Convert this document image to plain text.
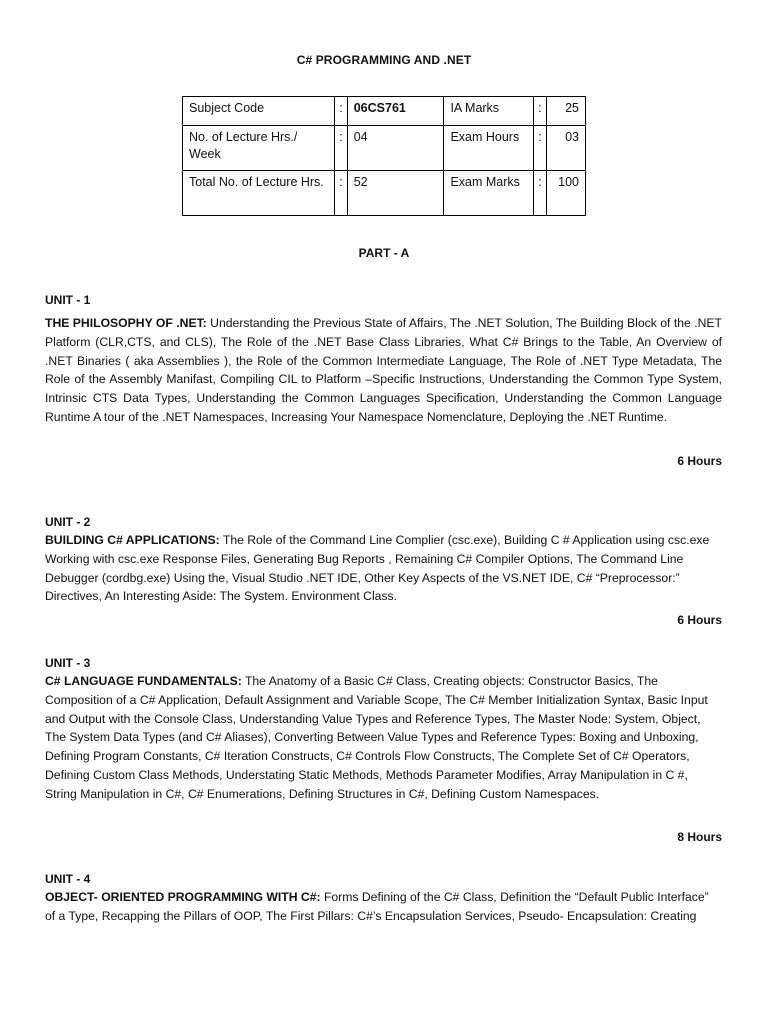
C# PROGRAMMING AND .NET
Subject Code	:	06CS761	IA Marks	:	25
No. of Lecture Hrs./ Week	:	04	Exam Hours	:	03
Total No. of Lecture Hrs.	:	52	Exam Marks	:	100
PART - A
UNIT - 1
THE PHILOSOPHY OF .NET: Understanding the Previous State of Affairs, The .NET Solution, The Building Block of the .NET Platform (CLR,CTS, and CLS), The Role of the .NET Base Class Libraries, What C# Brings to the Table, An Overview of .NET Binaries ( aka Assemblies ), the Role of the Common Intermediate Language, The Role of .NET Type Metadata, The Role of the Assembly Manifast, Compiling CIL to Platform –Specific Instructions, Understanding the Common Type System, Intrinsic CTS Data Types, Understanding the Common Languages Specification, Understanding the Common Language Runtime A tour of the .NET Namespaces, Increasing Your Namespace Nomenclature, Deploying the .NET Runtime.
6 Hours
UNIT - 2
BUILDING C# APPLICATIONS: The Role of the Command Line Complier (csc.exe), Building C # Application using csc.exe Working with csc.exe Response Files, Generating Bug Reports , Remaining C# Compiler Options, The Command Line Debugger (cordbg.exe) Using the, Visual Studio .NET IDE, Other Key Aspects of the VS.NET IDE, C# “Preprocessor:” Directives, An Interesting Aside: The System. Environment Class.
6 Hours
UNIT - 3
C# LANGUAGE FUNDAMENTALS: The Anatomy of a Basic C# Class, Creating objects: Constructor Basics, The Composition of a C# Application, Default Assignment and Variable Scope, The C# Member Initialization Syntax, Basic Input and Output with the Console Class, Understanding Value Types and Reference Types, The Master Node: System, Object, The System Data Types (and C# Aliases), Converting Between Value Types and Reference Types: Boxing and Unboxing, Defining Program Constants, C# Iteration Constructs, C# Controls Flow Constructs, The Complete Set of C# Operators, Defining Custom Class Methods, Understating Static Methods, Methods Parameter Modifies, Array Manipulation in C #, String Manipulation in C#, C# Enumerations, Defining Structures in C#, Defining Custom Namespaces.
8 Hours
UNIT - 4
OBJECT- ORIENTED PROGRAMMING WITH C#: Forms Defining of the C# Class, Definition the “Default Public Interface” of a Type, Recapping the Pillars of OOP, The First Pillars: C#’s Encapsulation Services, Pseudo- Encapsulation: Creating
